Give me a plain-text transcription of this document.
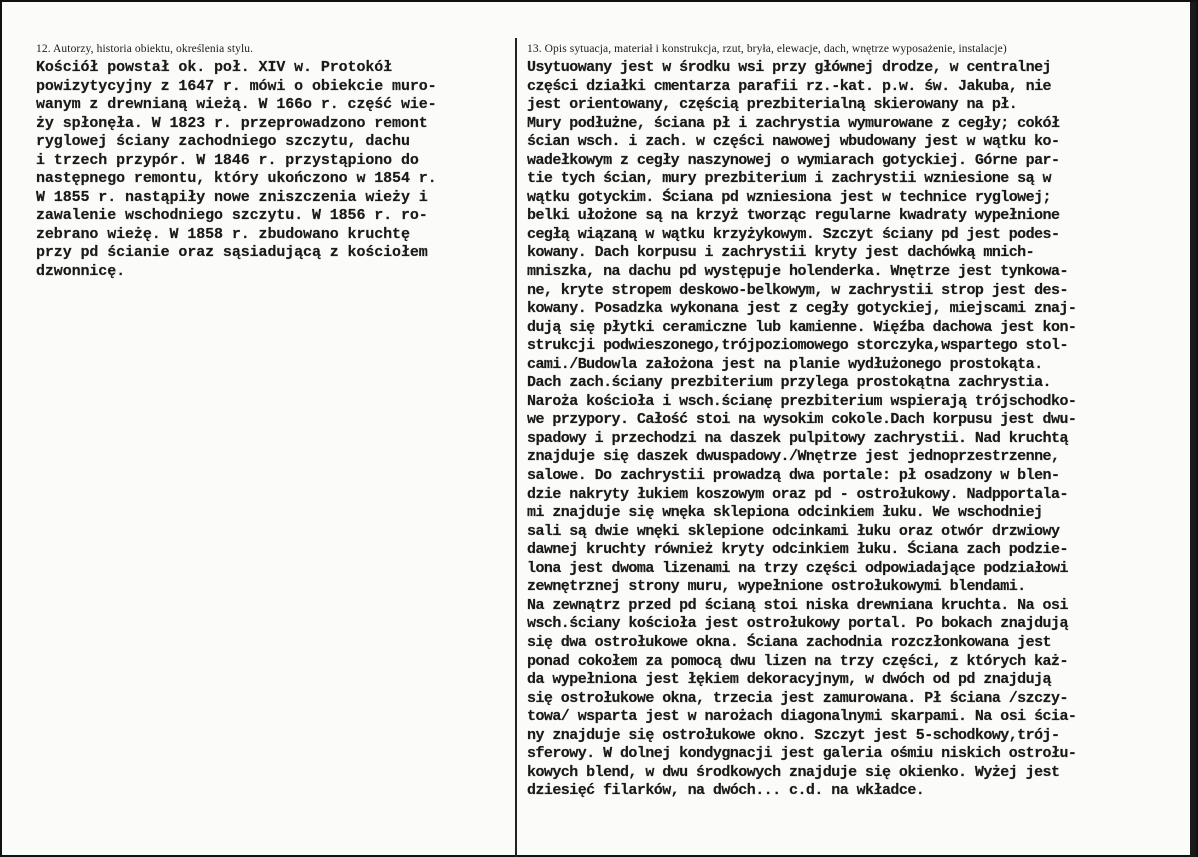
12. Autorzy, historia obiektu, określenia stylu.
Kościół powstał ok. poł. XIV w. Protokół
powizytycyjny z 1647 r. mówi o obiekcie muro-
wanym z drewnianą wieżą. W 166o r. część wie-
ży spłonęła. W 1823 r. przeprowadzono remont
ryglowej ściany zachodniego szczytu, dachu
i trzech przypór. W 1846 r. przystąpiono do
następnego remontu, który ukończono w 1854 r.
W 1855 r. nastąpiły nowe zniszczenia wieży i
zawalenie wschodniego szczytu. W 1856 r. ro-
zebrano wieżę. W 1858 r. zbudowano kruchtę
przy pd ścianie oraz sąsiadującą z kościołem
dzwonnicę.
13. Opis sytuacja, materiał i konstrukcja, rzut, bryła, elewacje, dach, wnętrze wyposażenie, instalacje)
Usytuowany jest w środku wsi przy głównej drodze, w centralnej
części działki cmentarza parafii rz.-kat. p.w. św. Jakuba, nie
jest orientowany, częścią prezbiterialną skierowany na pł.
Mury podłużne, ściana pł i zachrystia wymurowane z cegły; cokół
ścian wsch. i zach. w części nawowej wbudowany jest w wątku ko-
wadełkowym z cegły naszynowej o wymiarach gotyckiej. Górne par-
tie tych ścian, mury prezbiterium i zachrystii wzniesione są w
wątku gotyckim. Ściana pd wzniesiona jest w technice ryglowej;
belki ułożone są na krzyż tworząc regularne kwadraty wypełnione
cegłą wiązaną w wątku krzyżykowym. Szczyt ściany pd jest podes-
kowany. Dach korpusu i zachrystii kryty jest dachówką mnich-
mniszka, na dachu pd występuje holenderka. Wnętrze jest tynkowa-
ne, kryte stropem deskowo-belkowym, w zachrystii strop jest des-
kowany. Posadzka wykonana jest z cegły gotyckiej, miejscami znaj-
dują się płytki ceramiczne lub kamienne. Więźba dachowa jest kon-
strukcji podwieszonego,trójpoziomowego storczyka,wspartego stol-
cami./Budowla założona jest na planie wydłużonego prostokąta.
Dach zach.ściany prezbiterium przylega prostokątna zachrystia.
Naroża kościoła i wsch.ścianę prezbiterium wspierają trójschodko-
we przypory. Całość stoi na wysokim cokole.Dach korpusu jest dwu-
spadowy i przechodzi na daszek pulpitowy zachrystii. Nad kruchtą
znajduje się daszek dwuspadowy./Wnętrze jest jednoprzestrzenne,
salowe. Do zachrystii prowadzą dwa portale: pł osadzony w blen-
dzie nakryty łukiem koszowym oraz pd - ostrołukowy. Nadpportala-
mi znajduje się wnęka sklepiona odcinkiem łuku. We wschodniej
sali są dwie wnęki sklepione odcinkami łuku oraz otwór drzwiowy
dawnej kruchty również kryty odcinkiem łuku. Ściana zach podzie-
lona jest dwoma lizenami na trzy części odpowiadające podziałowi
zewnętrznej strony muru, wypełnione ostrołukowymi blendami.
Na zewnątrz przed pd ścianą stoi niska drewniana kruchta. Na osi
wsch.ściany kościoła jest ostrołukowy portal. Po bokach znajdują
się dwa ostrołukowe okna. Ściana zachodnia rozczłonkowana jest
ponad cokołem za pomocą dwu lizen na trzy części, z których każ-
da wypełniona jest łękiem dekoracyjnym, w dwóch od pd znajdują
się ostrołukowe okna, trzecia jest zamurowana. Pł ściana /szczy-
towa/ wsparta jest w narożach diagonalnymi skarpami. Na osi ścia-
ny znajduje się ostrołukowe okno. Szczyt jest 5-schodkowy,trój-
sferowy. W dolnej kondygnacji jest galeria ośmiu niskich ostrołu-
kowych blend, w dwu środkowych znajduje się okienko. Wyżej jest
dziesięć filarków, na dwóch... c.d. na wkładce.
